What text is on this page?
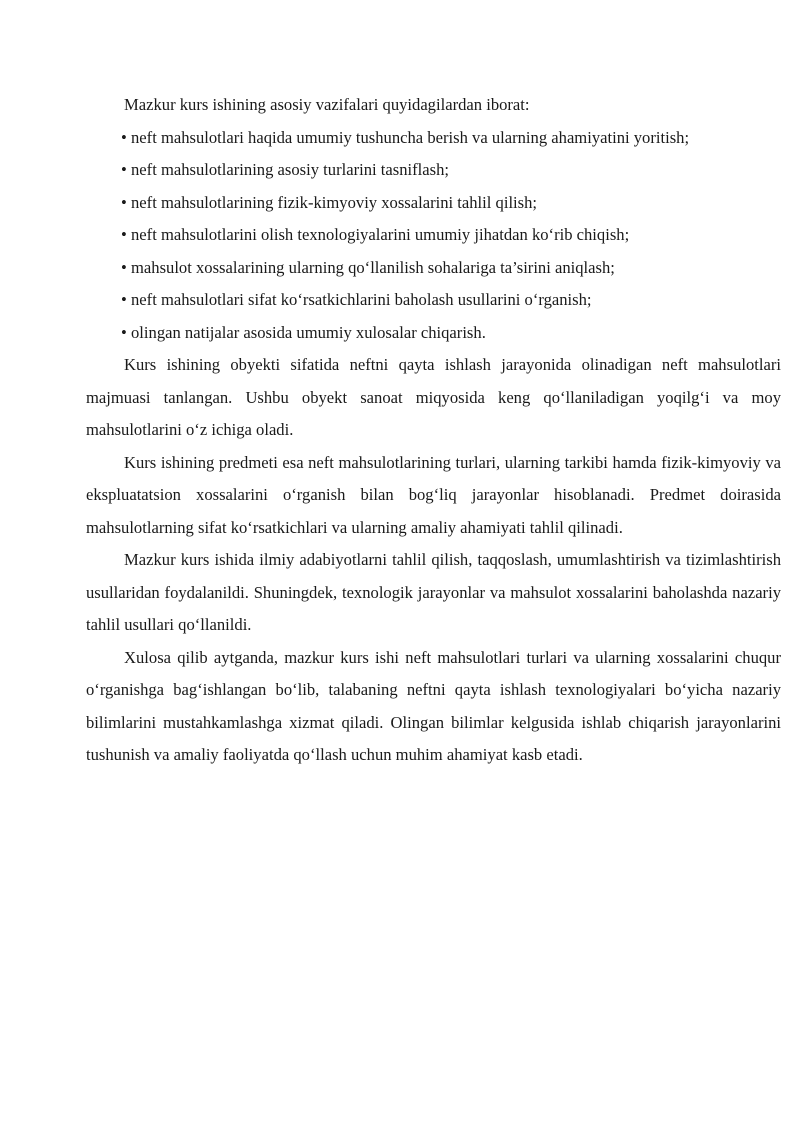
Mazkur kurs ishining asosiy vazifalari quyidagilardan iborat:

• neft mahsulotlari haqida umumiy tushuncha berish va ularning ahamiyatini yoritish;
• neft mahsulotlarining asosiy turlarini tasniflash;
• neft mahsulotlarining fizik-kimyoviy xossalarini tahlil qilish;
• neft mahsulotlarini olish texnologiyalarini umumiy jihatdan ko‘rib chiqish;
• mahsulot xossalarining ularning qo‘llanilish sohalariga ta’sirini aniqlash;
• neft mahsulotlari sifat ko‘rsatkichlarini baholash usullarini o‘rganish;
• olingan natijalar asosida umumiy xulosalar chiqarish.

Kurs ishining obyekti sifatida neftni qayta ishlash jarayonida olinadigan neft mahsulotlari majmuasi tanlangan. Ushbu obyekt sanoat miqyosida keng qo‘llaniladigan yoqilg‘i va moy mahsulotlarini o‘z ichiga oladi.

Kurs ishining predmeti esa neft mahsulotlarining turlari, ularning tarkibi hamda fizik-kimyoviy va ekspluatatsion xossalarini o‘rganish bilan bog‘liq jarayonlar hisoblanadi. Predmet doirasida mahsulotlarning sifat ko‘rsatkichlari va ularning amaliy ahamiyati tahlil qilinadi.

Mazkur kurs ishida ilmiy adabiyotlarni tahlil qilish, taqqoslash, umumlashtirish va tizimlashtirish usullaridan foydalanildi. Shuningdek, texnologik jarayonlar va mahsulot xossalarini baholashda nazariy tahlil usullari qo‘llanildi.

Xulosa qilib aytganda, mazkur kurs ishi neft mahsulotlari turlari va ularning xossalarini chuqur o‘rganishga bag‘ishlangan bo‘lib, talabaning neftni qayta ishlash texnologiyalari bo‘yicha nazariy bilimlarini mustahkamlashga xizmat qiladi. Olingan bilimlar kelgusida ishlab chiqarish jarayonlarini tushunish va amaliy faoliyatda qo‘llash uchun muhim ahamiyat kasb etadi.
